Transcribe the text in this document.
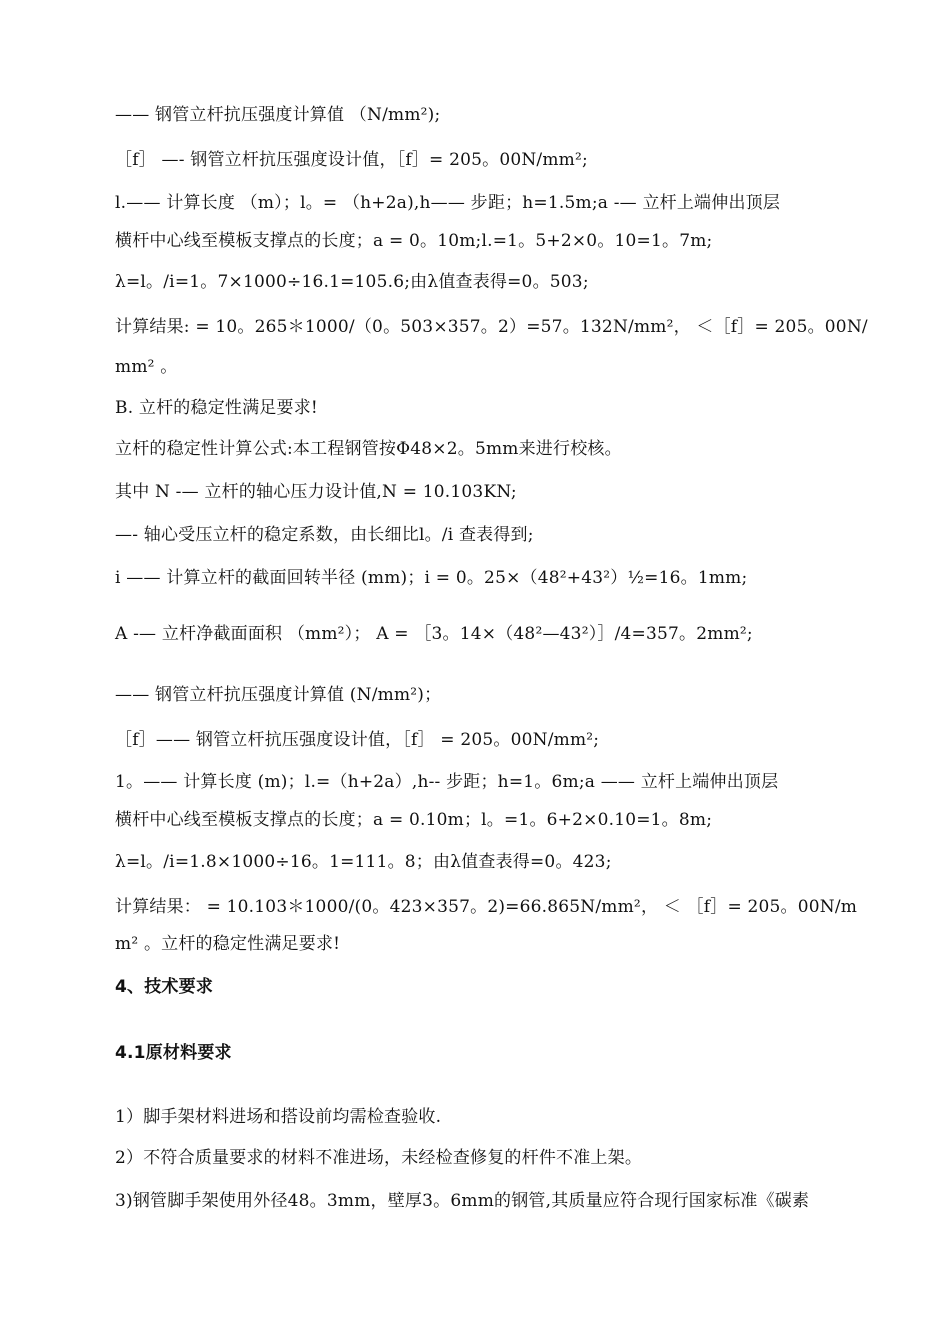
—— 钢管立杆抗压强度计算值 （N/mm²);
［f］ —- 钢管立杆抗压强度设计值，［f］= 205。00N/mm²;
l.—— 计算长度 （m）；l。= （h+2a),h—— 步距；h=1.5m;a -— 立杆上端伸出顶层
横杆中心线至模板支撑点的长度；a = 0。10m;l.=1。5+2×0。10=1。7m;
λ=l。/i=1。7×1000÷16.1=105.6;由λ值查表得=0。503;
计算结果: = 10。265＊1000/（0。503×357。2）=57。132N/mm²， ＜［f］= 205。00N/
mm² 。
B. 立杆的稳定性满足要求!
立杆的稳定性计算公式:本工程钢管按Φ48×2。5mm来进行校核。
其中 N -— 立杆的轴心压力设计值,N = 10.103KN;
—- 轴心受压立杆的稳定系数，由长细比l。/i 查表得到;
i —— 计算立杆的截面回转半径 (mm)；i = 0。25×（48²+43²）½=16。1mm;
A -— 立杆净截面面积 （mm²）； A = ［3。14×（48²—43²）］/4=357。2mm²;
—— 钢管立杆抗压强度计算值 (N/mm²)；
［f］—— 钢管立杆抗压强度设计值，［f］ = 205。00N/mm²;
1。—— 计算长度 (m)；l.=（h+2a）,h-- 步距；h=1。6m;a —— 立杆上端伸出顶层
横杆中心线至模板支撑点的长度；a = 0.10m；l。=1。6+2×0.10=1。8m;
λ=l。/i=1.8×1000÷16。1=111。8；由λ值查表得=0。423;
计算结果： = 10.103＊1000/(0。423×357。2)=66.865N/mm²， ＜ ［f］= 205。00N/m
m² 。立杆的稳定性满足要求!
4、技术要求
4.1原材料要求
1）脚手架材料进场和搭设前均需检查验收.
2）不符合质量要求的材料不准进场，未经检查修复的杆件不准上架。
3)钢管脚手架使用外径48。3mm，壁厚3。6mm的钢管,其质量应符合现行国家标准《碳素
